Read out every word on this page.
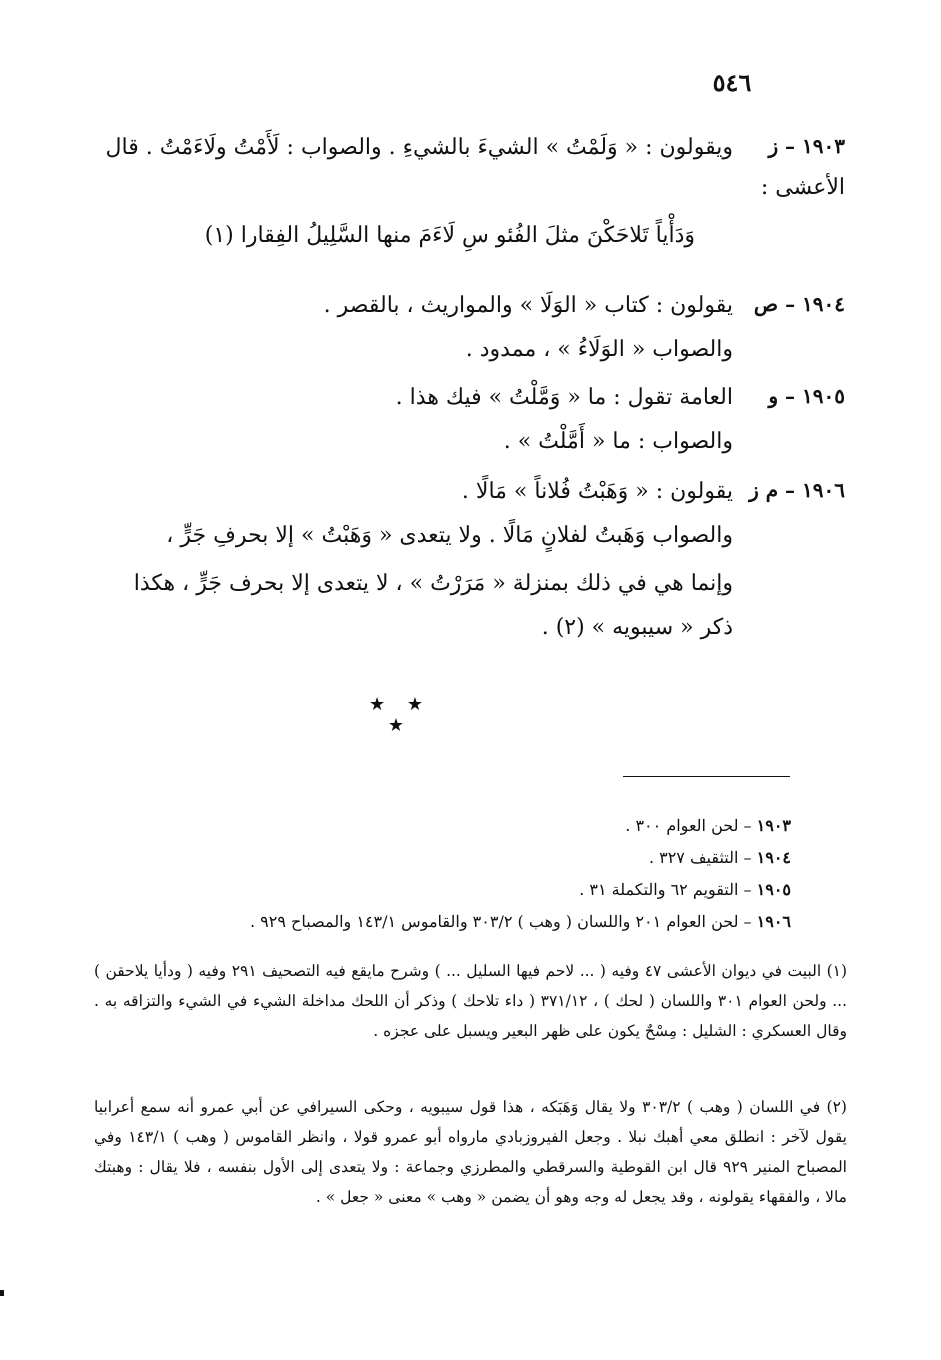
٥٤٦
١٩٠٣ – ز
ويقولون : « وَلَمْتُ » الشيءَ بالشيءِ . والصواب : لَأَمْتُ ولَاءَمْتُ . قال
الأعشى :
وَدَأْياً تَلاحَكْنَ مثلَ الفُئو سِ لَاءَمَ منها السَّلِيلُ الفِقارا (١)
١٩٠٤ – ص
يقولون : كتاب « الوَلَا » والمواريث ، بالقصر .
والصواب « الوَلَاءُ » ، ممدود .
١٩٠٥ – و
العامة تقول : ما « وَمَّلْتُ » فيك هذا .
والصواب : ما « أَمَّلْتُ » .
١٩٠٦ – م ز
يقولون : « وَهَبْتُ فُلاناً » مَالًا .
والصواب وَهَبتُ لفلانٍ مَالًا . ولا يتعدى « وَهَبْتُ » إلا بحرفِ جَرٍّ ،
وإنما هي في ذلك بمنزلة « مَرَرْتُ » ، لا يتعدى إلا بحرف جَرٍّ ، هكذا
ذكر « سيبويه » (٢) .
★ ★ ★
١٩٠٣ – لحن العوام ٣٠٠ .
١٩٠٤ – التثقيف ٣٢٧ .
١٩٠٥ – التقويم ٦٢ والتكملة ٣١ .
١٩٠٦ – لحن العوام ٢٠١ واللسان ( وهب ) ٣٠٣/٢ والقاموس ١٤٣/١ والمصباح ٩٢٩ .
(١) البيت في ديوان الأعشى ٤٧ وفيه ( ... لاحم فيها السليل ... ) وشرح مايقع فيه التصحيف ٢٩١ وفيه ( ودأيا يلاحقن ) ... ولحن العوام ٣٠١ واللسان ( لحك ) ، ٣٧١/١٢ ( داء تلاحك ) وذكر أن اللحك مداخلة الشيء في الشيء والتزاقه به . وقال العسكري : الشليل : مِسْحٌ يكون على ظهر البعير ويسبل على عجزه .
(٢) في اللسان ( وهب ) ٣٠٣/٢ ولا يقال وَهَبَكه ، هذا قول سيبويه ، وحكى السيرافي عن أبي عمرو أنه سمع أعرابيا يقول لآخر : انطلق معي أهبك نبلا . وجعل الفيروزبادي مارواه أبو عمرو قولا ، وانظر القاموس ( وهب ) ١٤٣/١ وفي المصباح المنير ٩٢٩ قال ابن القوطية والسرقطي والمطرزي وجماعة : ولا يتعدى إلى الأول بنفسه ، فلا يقال : وهبتك مالا ، والفقهاء يقولونه ، وقد يجعل له وجه وهو أن يضمن « وهب » معنى « جعل » .
